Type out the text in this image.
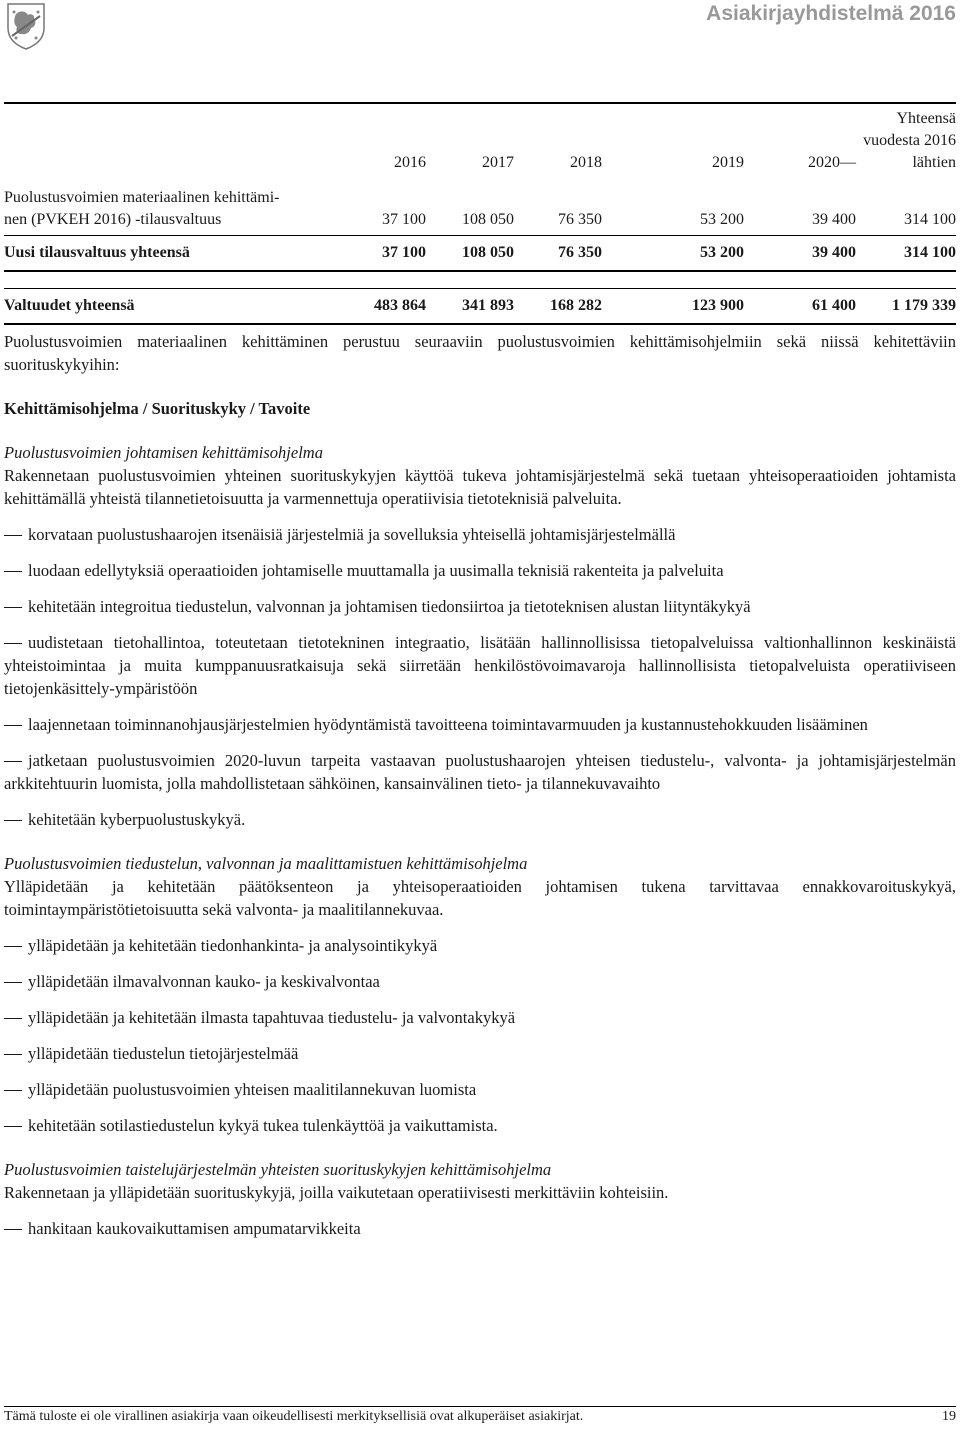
Asiakirjayhdistelmä 2016
	2016	2017	2018	2019	2020—	Yhteensä
vuodesta 2016
lähtien

Puolustusvoimien materiaalinen kehittämi-
nen (PVKEH 2016) -tilausvaltuus	37 100	108 050	76 350	53 200	39 400	314 100
Uusi tilausvaltuus yhteensä	37 100	108 050	76 350	53 200	39 400	314 100

Valtuudet yhteensä	483 864	341 893	168 282	123 900	61 400	1 179 339

Puolustusvoimien materiaalinen kehittäminen perustuu seuraaviin puolustusvoimien kehittämisohjelmiin sekä niissä kehitettäviin suorituskykyihin:

Kehittämisohjelma / Suorituskyky / Tavoite

Puolustusvoimien johtamisen kehittämisohjelma

Rakennetaan puolustusvoimien yhteinen suorituskykyjen käyttöä tukeva johtamisjärjestelmä sekä tuetaan yhteisoperaatioiden johtamista kehittämällä yhteistä tilannetietoisuutta ja varmennettuja operatiivisia tietoteknisiä palveluita.

korvataan puolustushaarojen itsenäisiä järjestelmiä ja sovelluksia yhteisellä johtamisjärjestelmällä

luodaan edellytyksiä operaatioiden johtamiselle muuttamalla ja uusimalla teknisiä rakenteita ja palveluita

kehitetään integroitua tiedustelun, valvonnan ja johtamisen tiedonsiirtoa ja tietoteknisen alustan liityntäkykyä

uudistetaan tietohallintoa, toteutetaan tietotekninen integraatio, lisätään hallinnollisissa tietopalveluissa valtionhallinnon keskinäistä yhteistoimintaa ja muita kumppanuusratkaisuja sekä siirretään henkilöstövoimavaroja hallinnollisista tietopalveluista operatiiviseen tietojenkäsittely-ympäristöön

laajennetaan toiminnanohjausjärjestelmien hyödyntämistä tavoitteena toimintavarmuuden ja kustannustehokkuuden lisääminen

jatketaan puolustusvoimien 2020-luvun tarpeita vastaavan puolustushaarojen yhteisen tiedustelu-, valvonta- ja johtamisjärjestelmän arkkitehtuurin luomista, jolla mahdollistetaan sähköinen, kansainvälinen tieto- ja tilannekuvavaihto

kehitetään kyberpuolustuskykyä.

Puolustusvoimien tiedustelun, valvonnan ja maalittamistuen kehittämisohjelma

Ylläpidetään ja kehitetään päätöksenteon ja yhteisoperaatioiden johtamisen tukena tarvittavaa ennakkovaroituskykyä, toimintaympäristötietoisuutta sekä valvonta- ja maalitilannekuvaa.

ylläpidetään ja kehitetään tiedonhankinta- ja analysointikykyä

ylläpidetään ilmavalvonnan kauko- ja keskivalvontaa

ylläpidetään ja kehitetään ilmasta tapahtuvaa tiedustelu- ja valvontakykyä

ylläpidetään tiedustelun tietojärjestelmää

ylläpidetään puolustusvoimien yhteisen maalitilannekuvan luomista

kehitetään sotilastiedustelun kykyä tukea tulenkäyttöä ja vaikuttamista.

Puolustusvoimien taistelujärjestelmän yhteisten suorituskykyjen kehittämisohjelma

Rakennetaan ja ylläpidetään suorituskykyjä, joilla vaikutetaan operatiivisesti merkittäviin kohteisiin.

hankitaan kaukovaikuttamisen ampumatarvikkeita

Tämä tuloste ei ole virallinen asiakirja vaan oikeudellisesti merkityksellisiä ovat alkuperäiset asiakirjat.	19
